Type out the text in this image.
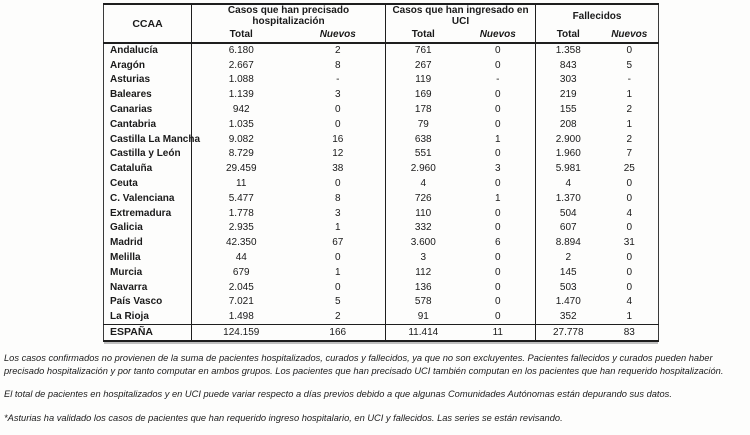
CCAA	Casos que han precisado hospitalización		Casos que han ingresado en UCI		Fallecidos	
	Total	Nuevos	Total	Nuevos	Total	Nuevos
Andalucía	6.180	2	761	0	1.358	0
Aragón	2.667	8	267	0	843	5
Asturias	1.088	-	119	-	303	-
Baleares	1.139	3	169	0	219	1
Canarias	942	0	178	0	155	2
Cantabria	1.035	0	79	0	208	1
Castilla La Mancha	9.082	16	638	1	2.900	2
Castilla y León	8.729	12	551	0	1.960	7
Cataluña	29.459	38	2.960	3	5.981	25
Ceuta	11	0	4	0	4	0
C. Valenciana	5.477	8	726	1	1.370	0
Extremadura	1.778	3	110	0	504	4
Galicia	2.935	1	332	0	607	0
Madrid	42.350	67	3.600	6	8.894	31
Melilla	44	0	3	0	2	0
Murcia	679	1	112	0	145	0
Navarra	2.045	0	136	0	503	0
País Vasco	7.021	5	578	0	1.470	4
La Rioja	1.498	2	91	0	352	1
ESPAÑA	124.159	166	11.414	11	27.778	83

Los casos confirmados no provienen de la suma de pacientes hospitalizados, curados y fallecidos, ya que no son excluyentes. Pacientes fallecidos y curados pueden haber precisado hospitalización y por tanto computar en ambos grupos. Los pacientes que han precisado UCI también computan en los pacientes que han requerido hospitalización.

El total de pacientes en hospitalizados y en UCI puede variar respecto a días previos debido a que algunas Comunidades Autónomas están depurando sus datos.

*Asturias ha validado los casos de pacientes que han requerido ingreso hospitalario, en UCI y fallecidos. Las series se están revisando.
